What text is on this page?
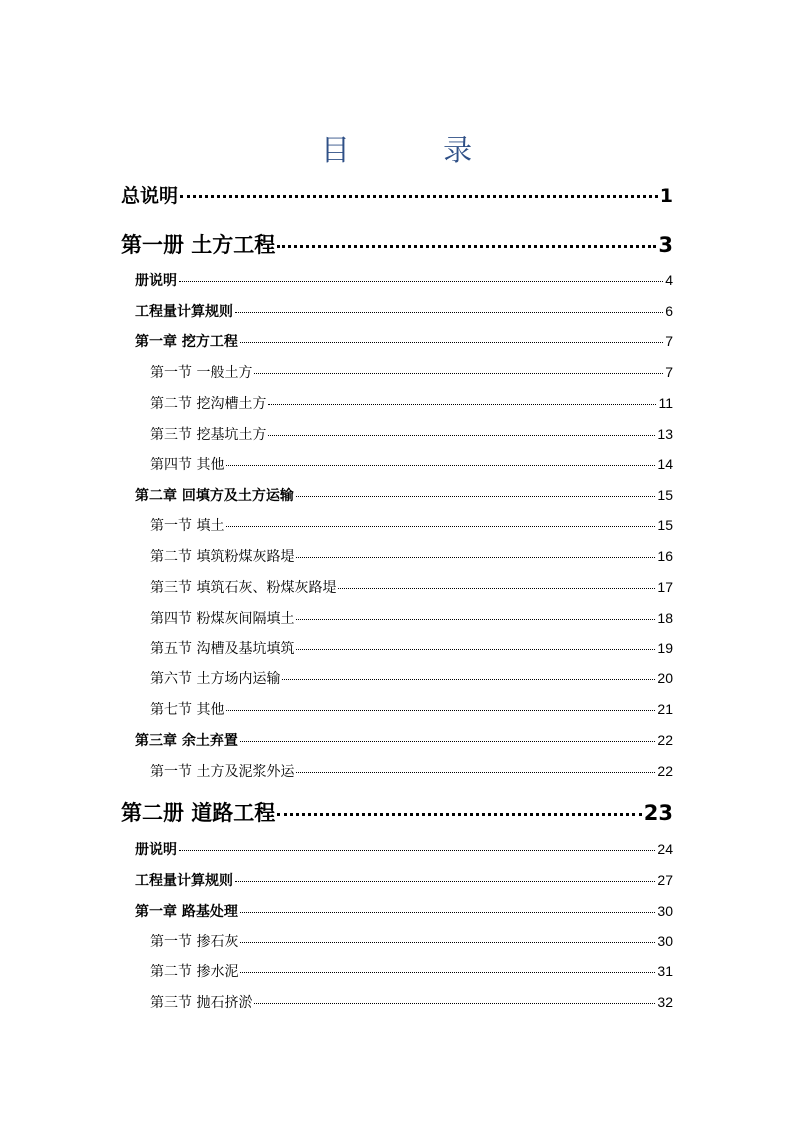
目 录
总说明	1
第一册 土方工程	3
册说明	4
工程量计算规则	6
第一章 挖方工程	7
第一节 一般土方	7
第二节 挖沟槽土方	11
第三节 挖基坑土方	13
第四节 其他	14
第二章 回填方及土方运输	15
第一节 填土	15
第二节 填筑粉煤灰路堤	16
第三节 填筑石灰、粉煤灰路堤	17
第四节 粉煤灰间隔填土	18
第五节 沟槽及基坑填筑	19
第六节 土方场内运输	20
第七节 其他	21
第三章 余土弃置	22
第一节 土方及泥浆外运	22
第二册 道路工程	23
册说明	24
工程量计算规则	27
第一章 路基处理	30
第一节 掺石灰	30
第二节 掺水泥	31
第三节 抛石挤淤	32
